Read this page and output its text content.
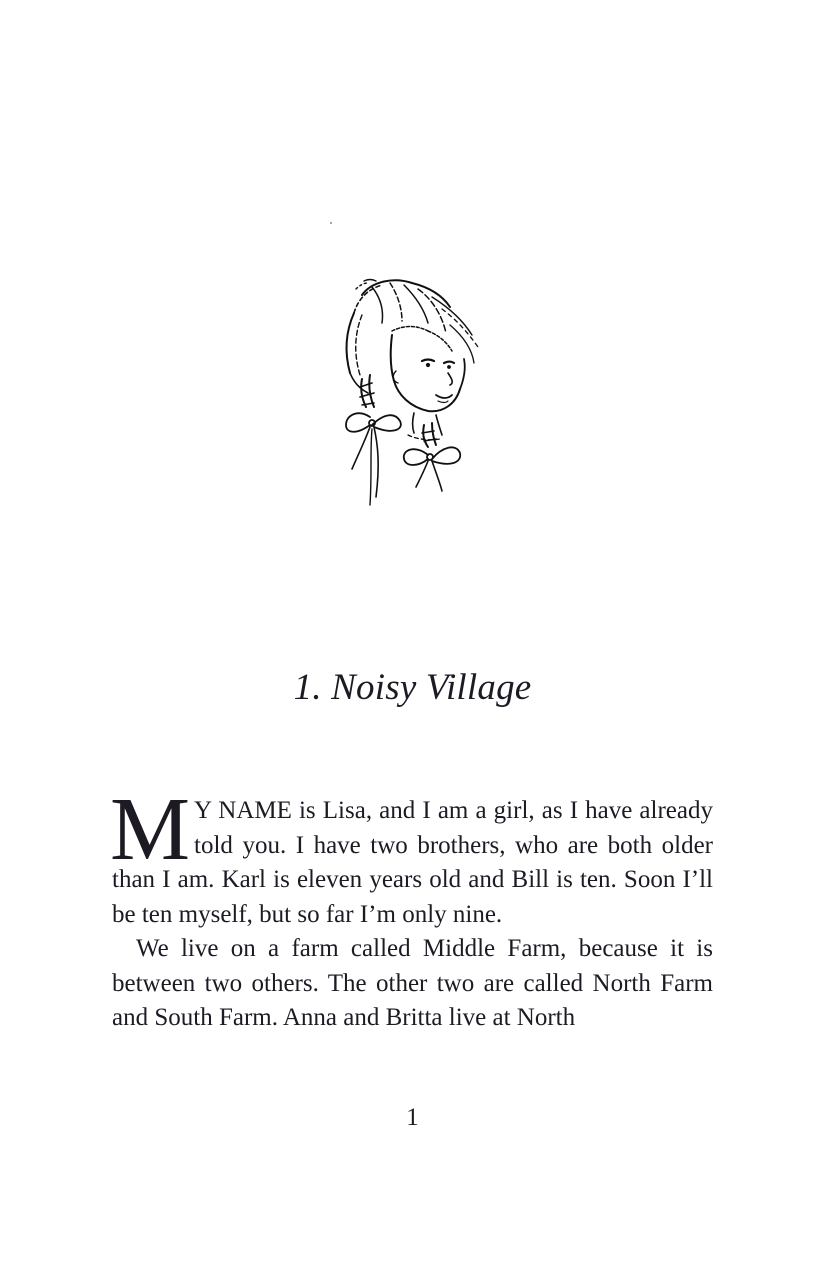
1. Noisy Village

M Y NAME is Lisa, and I am a girl, as I have already told you. I have two brothers, who are both older than I am. Karl is eleven years old and Bill is ten. Soon I’ll be ten myself, but so far I’m only nine.

We live on a farm called Middle Farm, because it is between two others. The other two are called North Farm and South Farm. Anna and Britta live at North

1
